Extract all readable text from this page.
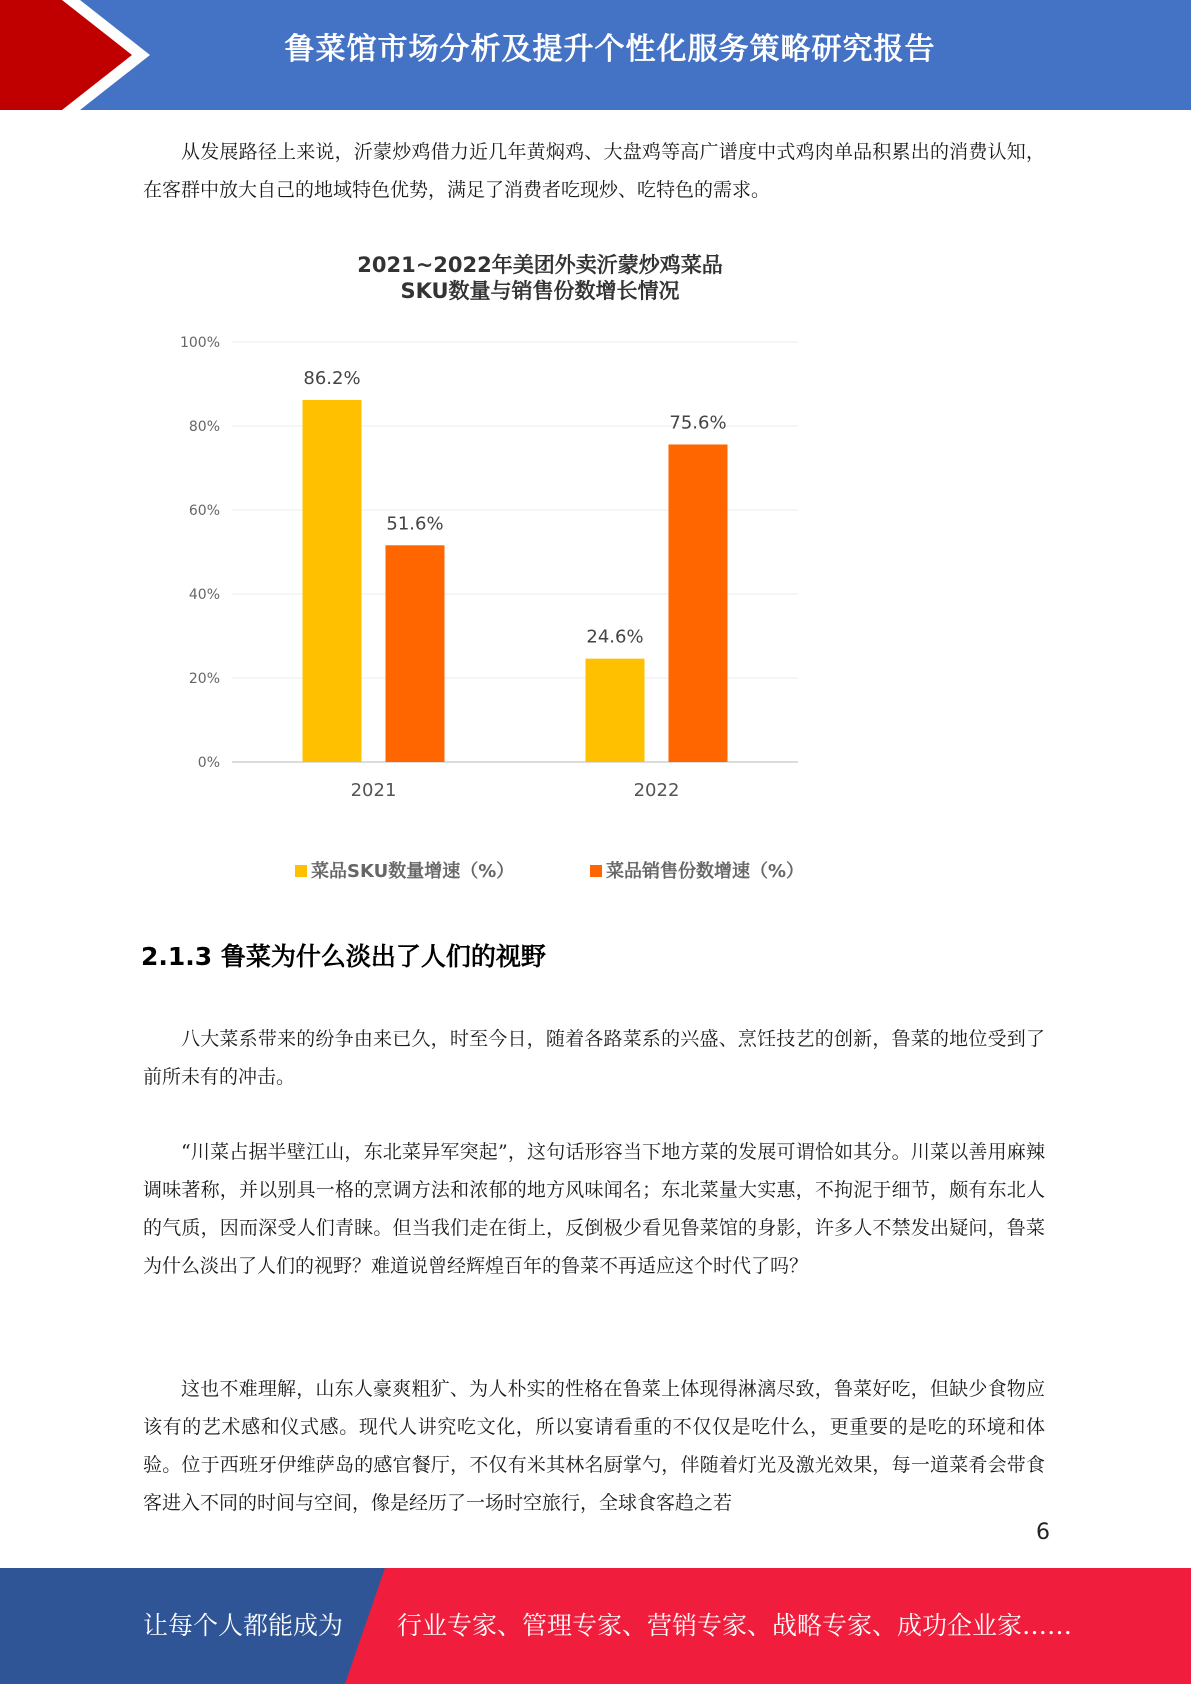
鲁菜馆市场分析及提升个性化服务策略研究报告

从发展路径上来说，沂蒙炒鸡借力近几年黄焖鸡、大盘鸡等高广谱度中式鸡肉单品积累出的消费认知，在客群中放大自己的地域特色优势，满足了消费者吃现炒、吃特色的需求。

2021~2022年美团外卖沂蒙炒鸡菜品
SKU数量与销售份数增长情况
0%
20%
40%
60%
80%
100%
86.2%
51.6%
24.6%
75.6%
2021	2022
菜品SKU数量增速（%）	菜品销售份数增速（%）
2.1.3 鲁菜为什么淡出了人们的视野

八大菜系带来的纷争由来已久，时至今日，随着各路菜系的兴盛、烹饪技艺的创新，鲁菜的地位受到了前所未有的冲击。

“川菜占据半壁江山，东北菜异军突起”，这句话形容当下地方菜的发展可谓恰如其分。川菜以善用麻辣调味著称，并以别具一格的烹调方法和浓郁的地方风味闻名；东北菜量大实惠，不拘泥于细节，颇有东北人的气质，因而深受人们青睐。但当我们走在街上，反倒极少看见鲁菜馆的身影，许多人不禁发出疑问，鲁菜为什么淡出了人们的视野？难道说曾经辉煌百年的鲁菜不再适应这个时代了吗？

这也不难理解，山东人豪爽粗犷、为人朴实的性格在鲁菜上体现得淋漓尽致，鲁菜好吃，但缺少食物应该有的艺术感和仪式感。现代人讲究吃文化，所以宴请看重的不仅仅是吃什么，更重要的是吃的环境和体验。位于西班牙伊维萨岛的感官餐厅，不仅有米其林名厨掌勺，伴随着灯光及激光效果，每一道菜肴会带食客进入不同的时间与空间，像是经历了一场时空旅行，全球食客趋之若

6
让每个人都能成为 行业专家、管理专家、营销专家、战略专家、成功企业家……
